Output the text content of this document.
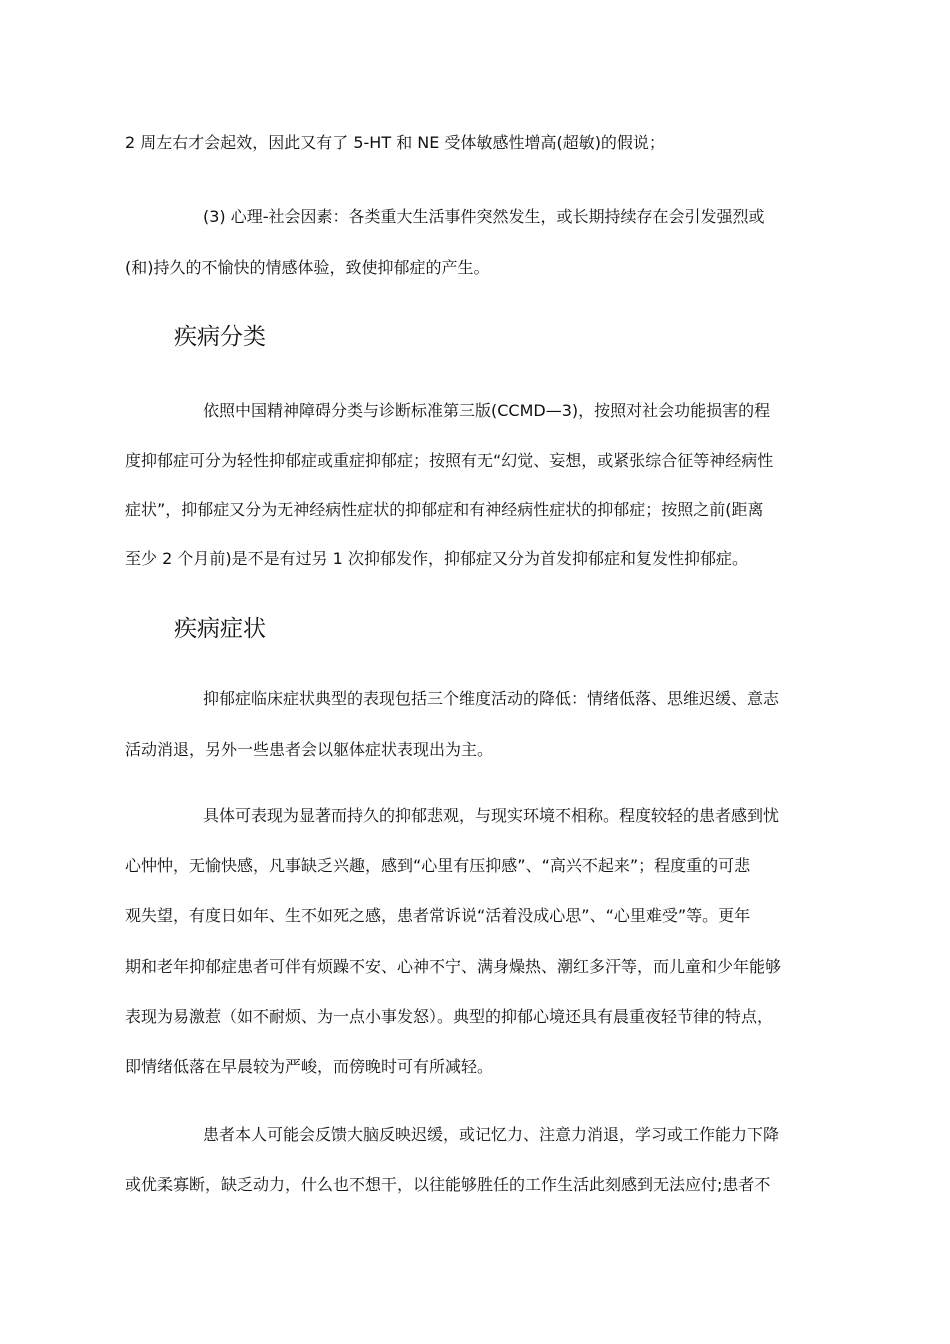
2 周左右才会起效，因此又有了 5-HT 和 NE 受体敏感性增高(超敏)的假说；
(3) 心理-社会因素：各类重大生活事件突然发生，或长期持续存在会引发强烈或
(和)持久的不愉快的情感体验，致使抑郁症的产生。
疾病分类
依照中国精神障碍分类与诊断标准第三版(CCMD—3)，按照对社会功能损害的程
度抑郁症可分为轻性抑郁症或重症抑郁症；按照有无“幻觉、妄想，或紧张综合征等神经病性
症状”，抑郁症又分为无神经病性症状的抑郁症和有神经病性症状的抑郁症；按照之前(距离
至少 2 个月前)是不是有过另 1 次抑郁发作，抑郁症又分为首发抑郁症和复发性抑郁症。
疾病症状
抑郁症临床症状典型的表现包括三个维度活动的降低：情绪低落、思维迟缓、意志
活动消退，另外一些患者会以躯体症状表现出为主。
具体可表现为显著而持久的抑郁悲观，与现实环境不相称。程度较轻的患者感到忧
心忡忡，无愉快感，凡事缺乏兴趣，感到“心里有压抑感”、“高兴不起来”；程度重的可悲
观失望，有度日如年、生不如死之感，患者常诉说“活着没成心思”、“心里难受”等。更年
期和老年抑郁症患者可伴有烦躁不安、心神不宁、满身燥热、潮红多汗等，而儿童和少年能够
表现为易激惹（如不耐烦、为一点小事发怒）。典型的抑郁心境还具有晨重夜轻节律的特点，
即情绪低落在早晨较为严峻，而傍晚时可有所减轻。
患者本人可能会反馈大脑反映迟缓，或记忆力、注意力消退，学习或工作能力下降
或优柔寡断，缺乏动力，什么也不想干，以往能够胜任的工作生活此刻感到无法应付;患者不
